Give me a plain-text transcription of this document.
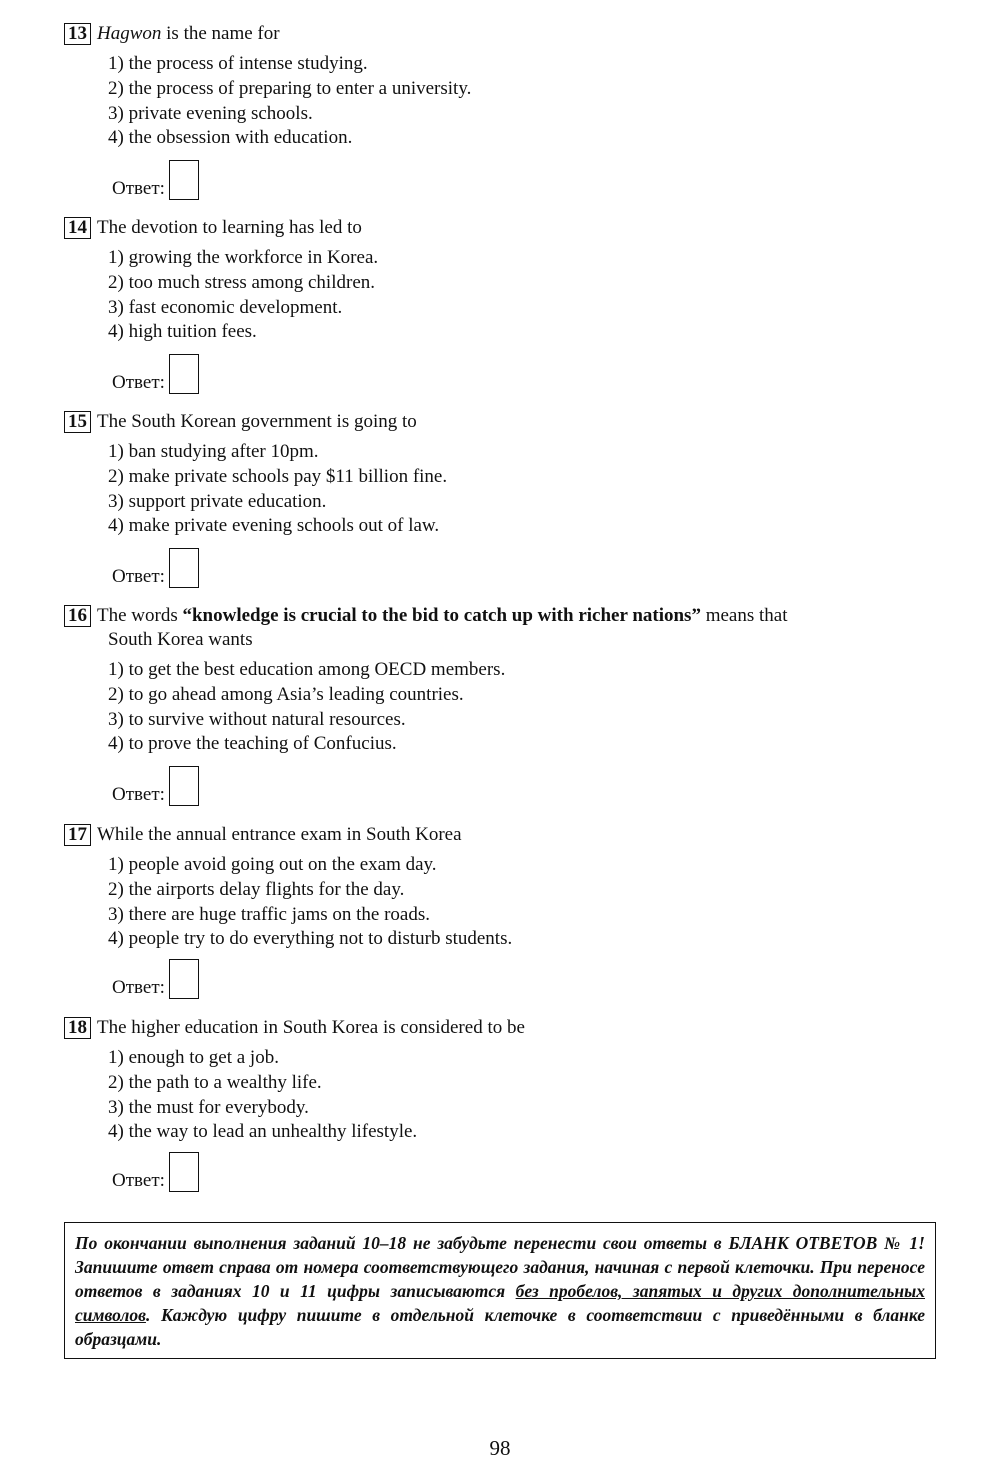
13 Hagwon is the name for
1) the process of intense studying.
2) the process of preparing to enter a university.
3) private evening schools.
4) the obsession with education.
Ответ:
14 The devotion to learning has led to
1) growing the workforce in Korea.
2) too much stress among children.
3) fast economic development.
4) high tuition fees.
Ответ:
15 The South Korean government is going to
1) ban studying after 10pm.
2) make private schools pay $11 billion fine.
3) support private education.
4) make private evening schools out of law.
Ответ:
16 The words “knowledge is crucial to the bid to catch up with richer nations” means that
South Korea wants
1) to get the best education among OECD members.
2) to go ahead among Asia’s leading countries.
3) to survive without natural resources.
4) to prove the teaching of Confucius.
Ответ:
17 While the annual entrance exam in South Korea
1) people avoid going out on the exam day.
2) the airports delay flights for the day.
3) there are huge traffic jams on the roads.
4) people try to do everything not to disturb students.
Ответ:
18 The higher education in South Korea is considered to be
1) enough to get a job.
2) the path to a wealthy life.
3) the must for everybody.
4) the way to lead an unhealthy lifestyle.
Ответ:
По окончании выполнения заданий 10–18 не забудьте перенести свои ответы в БЛАНК ОТВЕТОВ № 1! Запишите ответ справа от номера соответствующего задания, начиная с первой клеточки. При переносе ответов в заданиях 10 и 11 цифры записываются без пробелов, запятых и других дополнительных символов. Каждую цифру пишите в отдельной клеточке в соответствии с приведёнными в бланке образцами.
98
